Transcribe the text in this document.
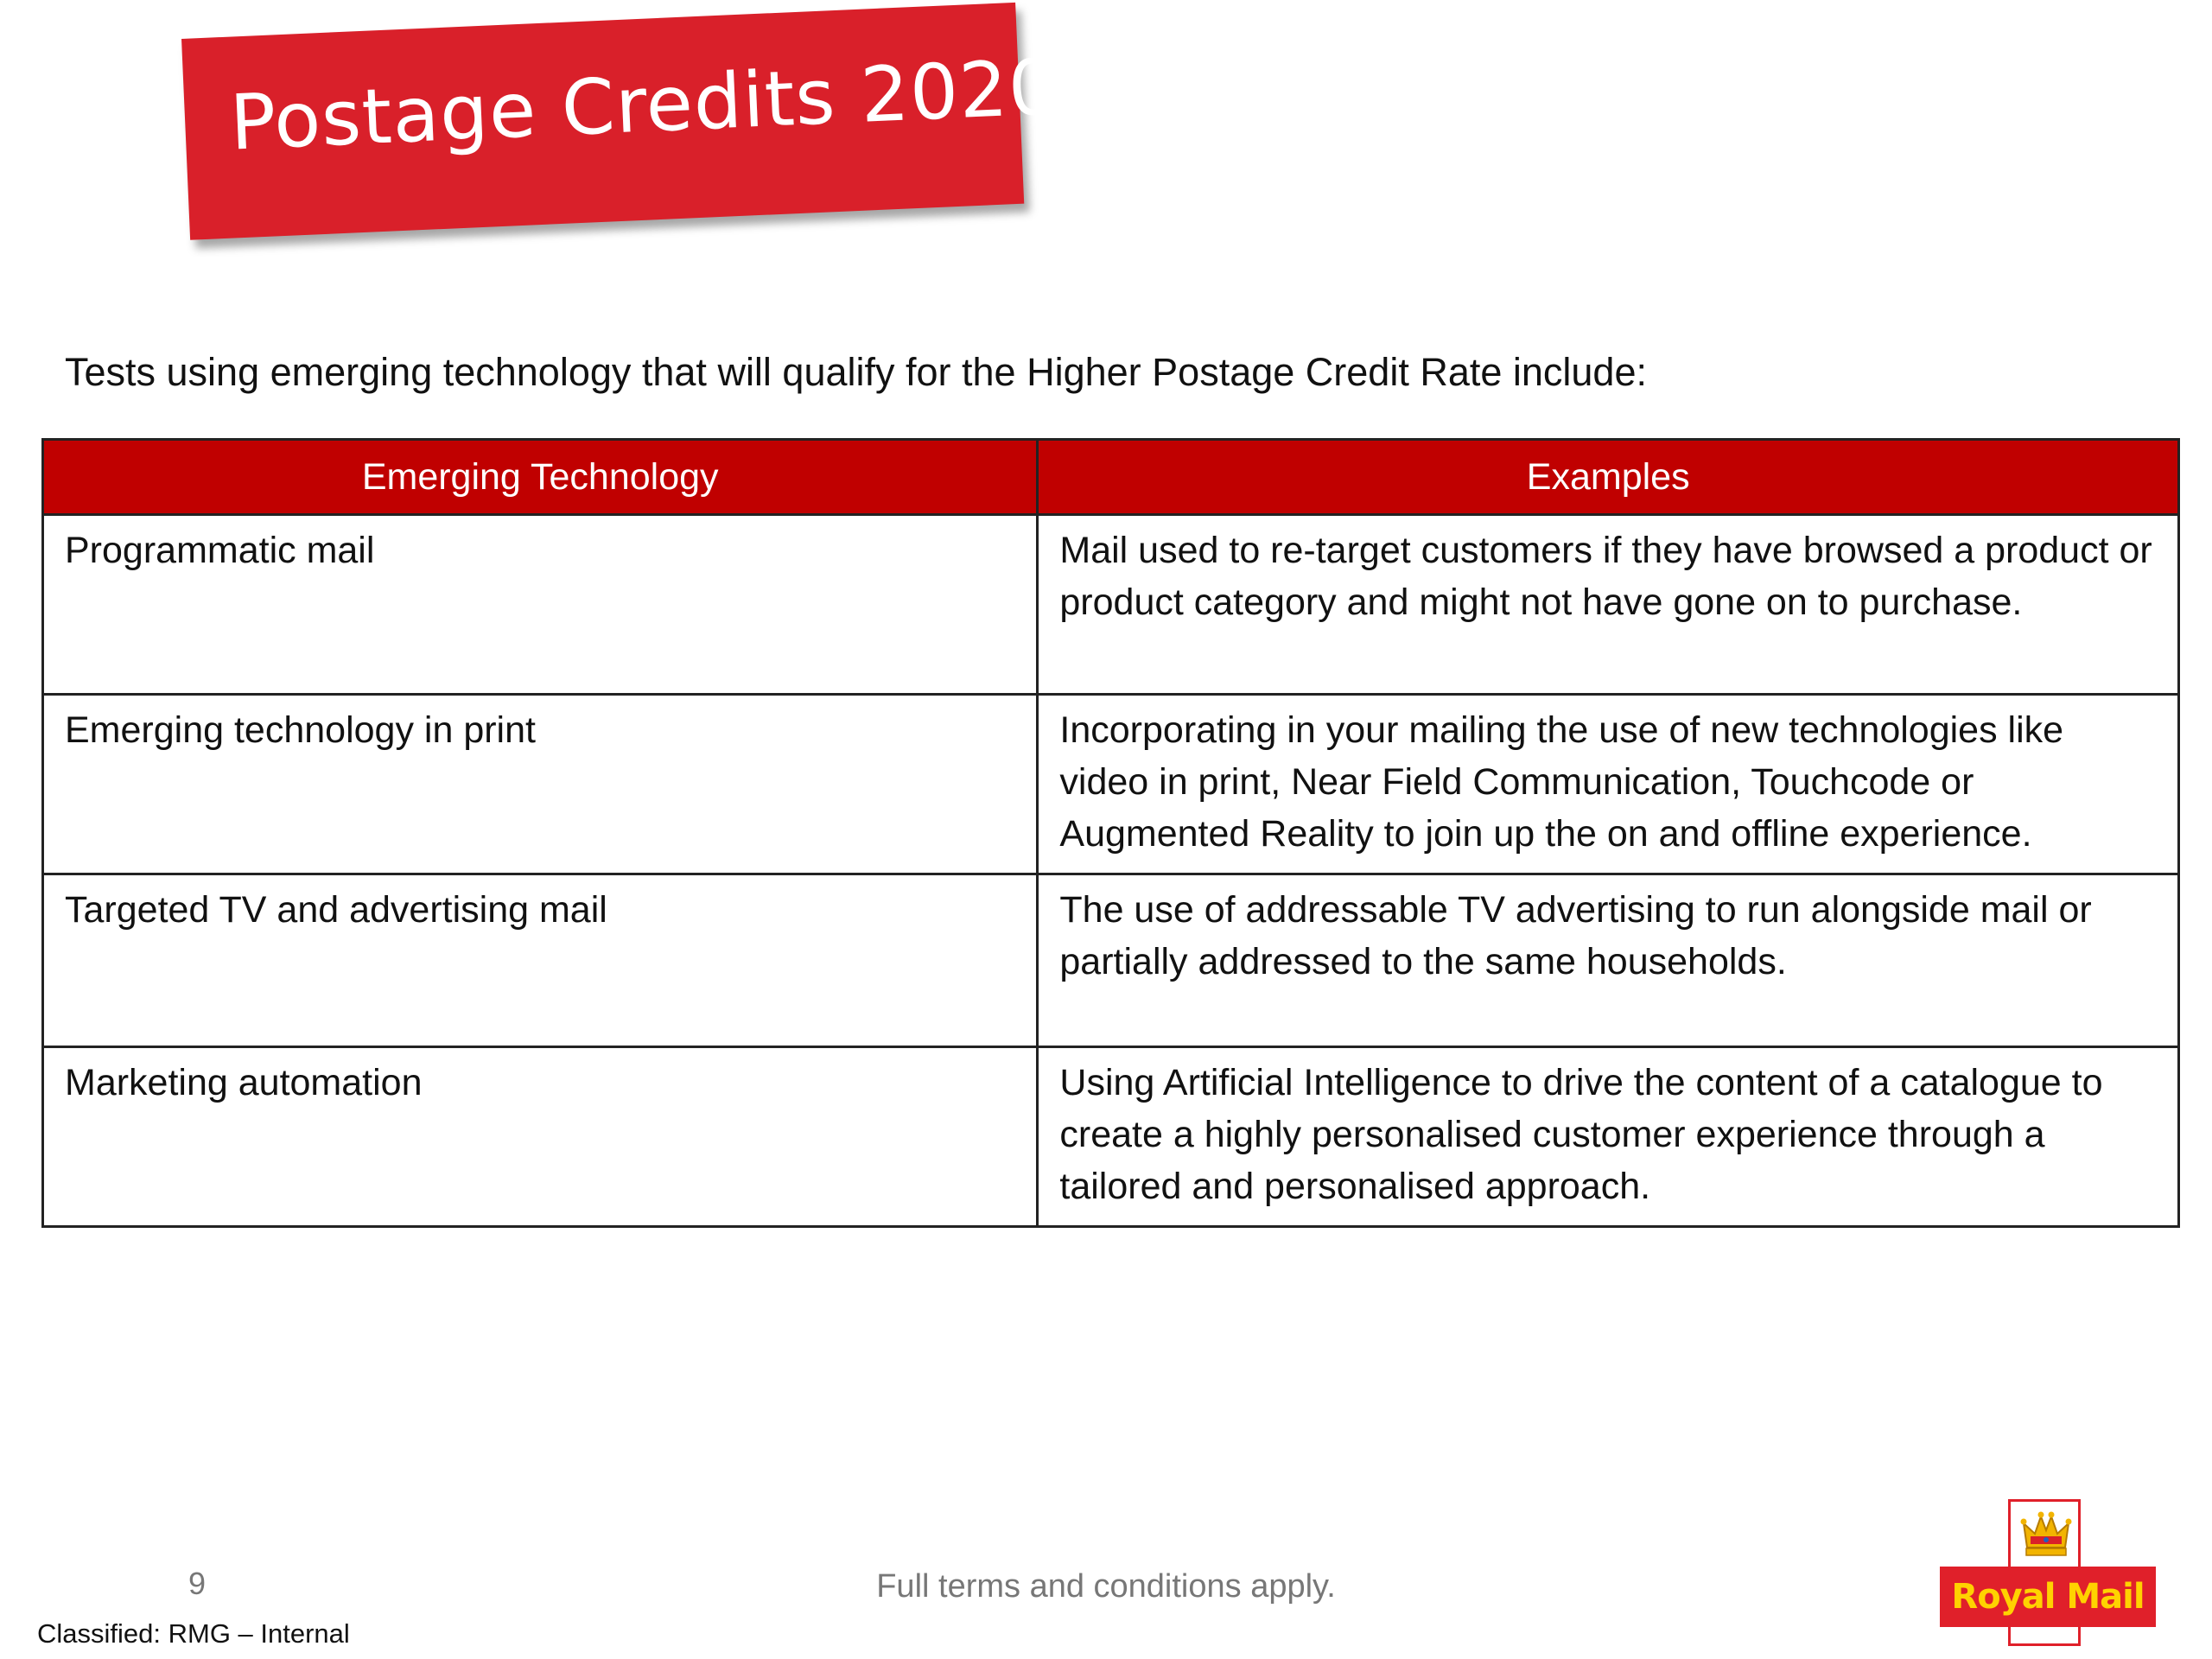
Postage Credits 2020
Tests using emerging technology that will qualify for the Higher Postage Credit Rate include:
Emerging Technology	Examples
Programmatic mail	Mail used to re-target customers if they have browsed a product or product category and might not have gone on to purchase.
Emerging technology in print	Incorporating in your mailing the use of new technologies like video in print, Near Field Communication, Touchcode or Augmented Reality to join up the on and offline experience.
Targeted TV and advertising mail	The use of addressable TV advertising to run alongside mail or partially addressed to the same households.
Marketing automation	Using Artificial Intelligence to drive the content of a catalogue to create a highly personalised customer experience through a tailored and personalised approach.
9	Full terms and conditions apply.
Classified: RMG – Internal
Royal Mail
